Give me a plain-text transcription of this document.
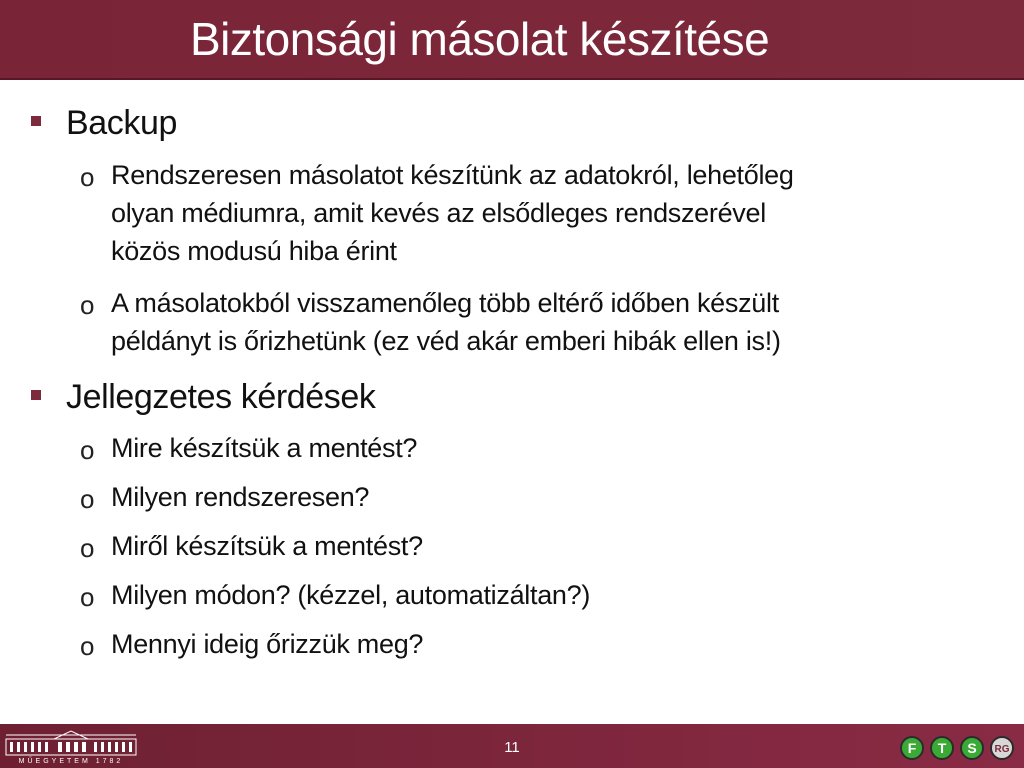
Biztonsági másolat készítése
Backup
o Rendszeresen másolatot készítünk az adatokról, lehetőleg
olyan médiumra, amit kevés az elsődleges rendszerével
közös modusú hiba érint
o A másolatokból visszamenőleg több eltérő időben készült
példányt is őrizhetünk (ez véd akár emberi hibák ellen is!)
Jellegzetes kérdések
o Mire készítsük a mentést?
o Milyen rendszeresen?
o Miről készítsük a mentést?
o Milyen módon? (kézzel, automatizáltan?)
o Mennyi ideig őrizzük meg?
MŰEGYETEM 1782
11	F T S RG
